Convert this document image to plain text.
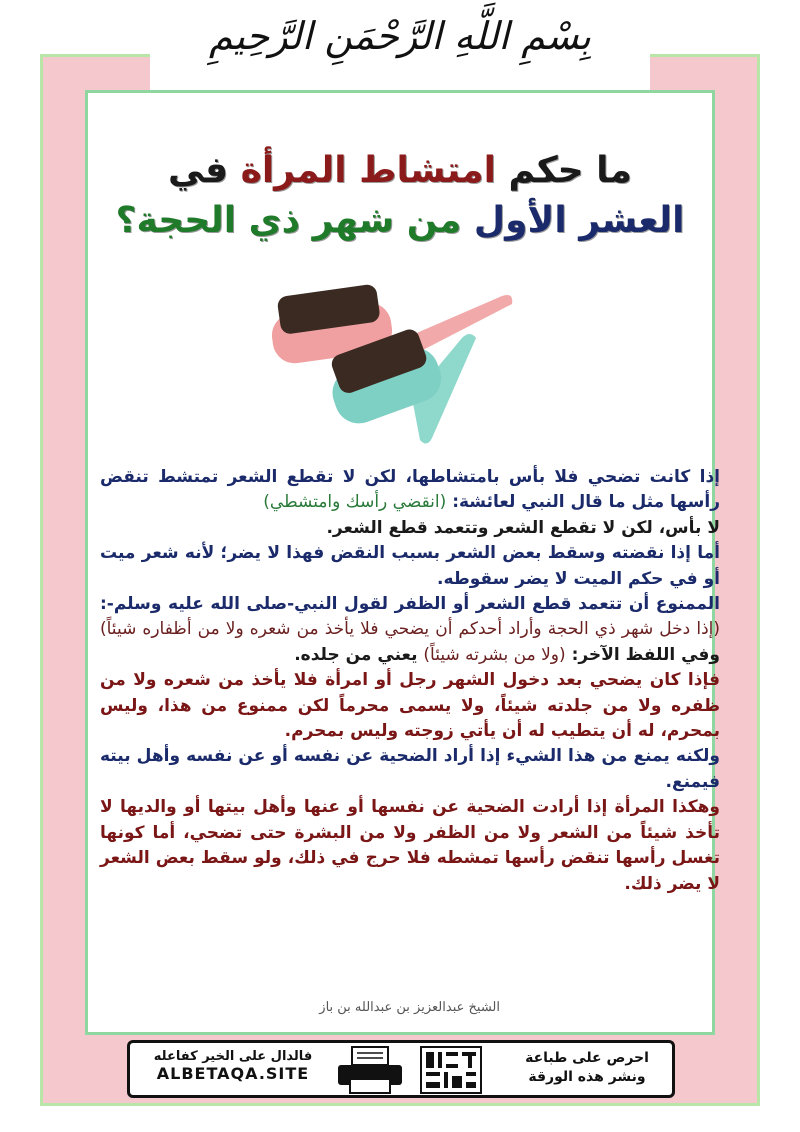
بِسْمِ اللَّهِ الرَّحْمَنِ الرَّحِيمِ
ما حكم امتشاط المرأة في
العشر الأول من شهر ذي الحجة؟

إذا كانت تضحي فلا بأس بامتشاطها، لكن لا تقطع الشعر تمتشط تنقض رأسها مثل ما قال النبي لعائشة: (انقضي رأسك وامتشطي)

لا بأس، لكن لا تقطع الشعر وتتعمد قطع الشعر.

أما إذا نقضته وسقط بعض الشعر بسبب النقض فهذا لا يضر؛ لأنه شعر ميت أو في حكم الميت لا يضر سقوطه.

الممنوع أن تتعمد قطع الشعر أو الظفر لقول النبي-صلى الله عليه وسلم-: (إذا دخل شهر ذي الحجة وأراد أحدكم أن يضحي فلا يأخذ من شعره ولا من أظفاره شيئاً) وفي اللفظ الآخر: (ولا من بشرته شيئاً) يعني من جلده.

فإذا كان يضحي بعد دخول الشهر رجل أو امرأة فلا يأخذ من شعره ولا من ظفره ولا من جلدته شيئاً، ولا يسمى محرماً لكن ممنوع من هذا، وليس بمحرم، له أن يتطيب له أن يأتي زوجته وليس بمحرم.

ولكنه يمنع من هذا الشيء إذا أراد الضحية عن نفسه أو عن نفسه وأهل بيته فيمنع.

وهكذا المرأة إذا أرادت الضحية عن نفسها أو عنها وأهل بيتها أو والديها لا تأخذ شيئاً من الشعر ولا من الظفر ولا من البشرة حتى تضحي، أما كونها تغسل رأسها تنقض رأسها تمشطه فلا حرج في ذلك، ولو سقط بعض الشعر لا يضر ذلك.

الشيخ عبدالعزيز بن عبدالله بن باز
فالدال على الخير كفاعله
ALBETAQA.SITE
احرص على طباعة
ونشر هذه الورقة
